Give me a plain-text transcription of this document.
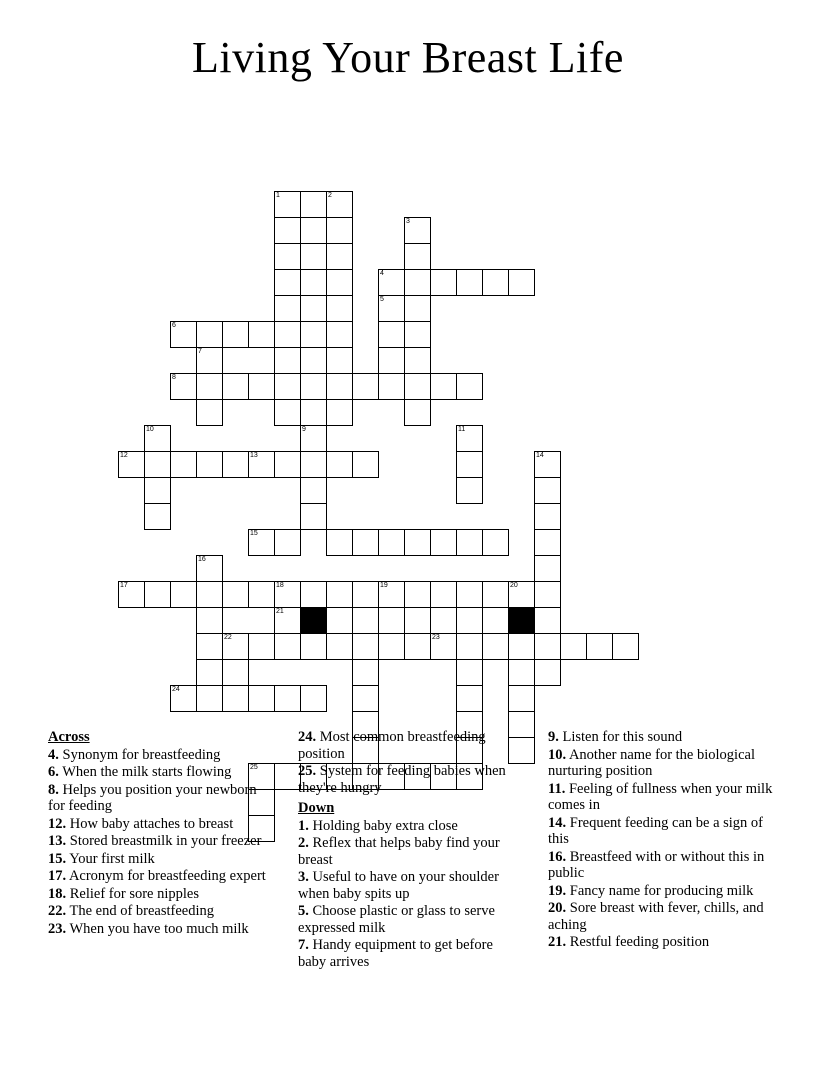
Living Your Breast Life
1	2
3
4
5
6
7
8
9
10	11
12	13	14
15
16
17	18	19	20
21
22	23
24
25
Across
4. Synonym for breastfeeding
6. When the milk starts flowing
8. Helps you position your newborn for feeding
12. How baby attaches to breast
13. Stored breastmilk in your freezer
15. Your first milk
17. Acronym for breastfeeding expert
18. Relief for sore nipples
22. The end of breastfeeding
23. When you have too much milk
24. Most common breastfeeding position
25. System for feeding babies when they're hungry
Down
1. Holding baby extra close
2. Reflex that helps baby find your breast
3. Useful to have on your shoulder when baby spits up
5. Choose plastic or glass to serve expressed milk
7. Handy equipment to get before baby arrives
9. Listen for this sound
10. Another name for the biological nurturing position
11. Feeling of fullness when your milk comes in
14. Frequent feeding can be a sign of this
16. Breastfeed with or without this in public
19. Fancy name for producing milk
20. Sore breast with fever, chills, and aching
21. Restful feeding position
